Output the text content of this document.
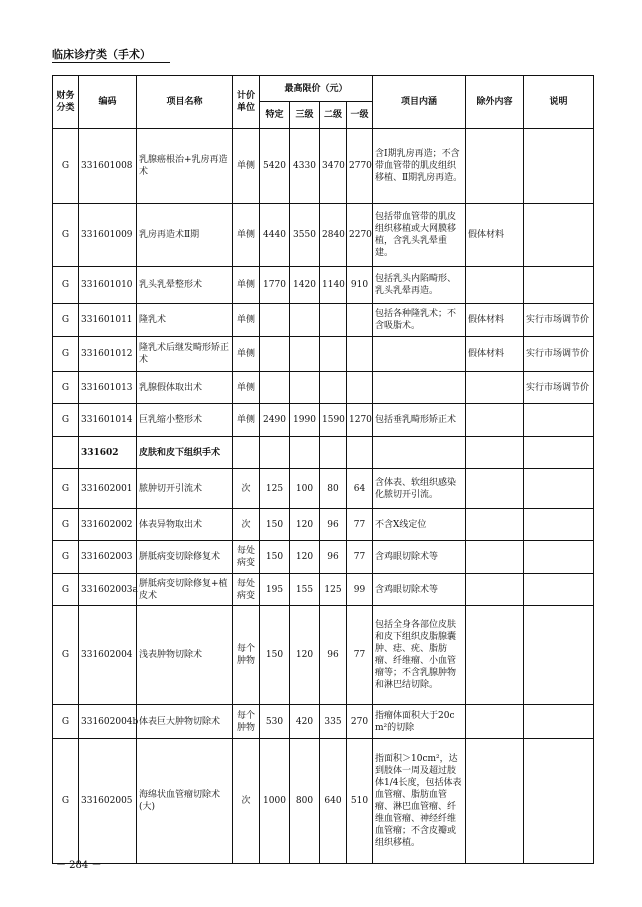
临床诊疗类（手术）
财务分类	编码	项目名称	计价单位	最高限价（元）				项目内涵	除外内容	说明
				特定	三级	二级	一级			
G	331601008	乳腺癌根治+乳房再造术	单侧	5420	4330	3470	2770	含Ⅰ期乳房再造；不含带血管带的肌皮组织移植、Ⅱ期乳房再造。		
G	331601009	乳房再造术Ⅱ期	单侧	4440	3550	2840	2270	包括带血管带的肌皮组织移植或大网膜移植，含乳头乳晕重建。	假体材料	
G	331601010	乳头乳晕整形术	单侧	1770	1420	1140	910	包括乳头内陷畸形、乳头乳晕再造。		
G	331601011	隆乳术	单侧					包括各种隆乳术；不含吸脂术。	假体材料	实行市场调节价
G	331601012	隆乳术后继发畸形矫正术	单侧						假体材料	实行市场调节价
G	331601013	乳腺假体取出术	单侧							实行市场调节价
G	331601014	巨乳缩小整形术	单侧	2490	1990	1590	1270	包括垂乳畸形矫正术		
	331602	皮肤和皮下组织手术								
G	331602001	脓肿切开引流术	次	125	100	80	64	含体表、软组织感染化脓切开引流。		
G	331602002	体表异物取出术	次	150	120	96	77	不含X线定位		
G	331602003	胼胝病变切除修复术	每处病变	150	120	96	77	含鸡眼切除术等		
G	331602003a	胼胝病变切除修复+植皮术	每处病变	195	155	125	99	含鸡眼切除术等		
G	331602004	浅表肿物切除术	每个肿物	150	120	96	77	包括全身各部位皮肤和皮下组织皮脂腺囊肿、痣、疣、脂肪瘤、纤维瘤、小血管瘤等；不含乳腺肿物和淋巴结切除。		
G	331602004b	体表巨大肿物切除术	每个肿物	530	420	335	270	指瘤体面积大于20cm²的切除		
G	331602005	海绵状血管瘤切除术(大)	次	1000	800	640	510	指面积＞10cm²，达到肢体一周及超过肢体1/4长度，包括体表血管瘤、脂肪血管瘤、淋巴血管瘤、纤维血管瘤、神经纤维血管瘤；不含皮瓣或组织移植。		
－ 284 －
